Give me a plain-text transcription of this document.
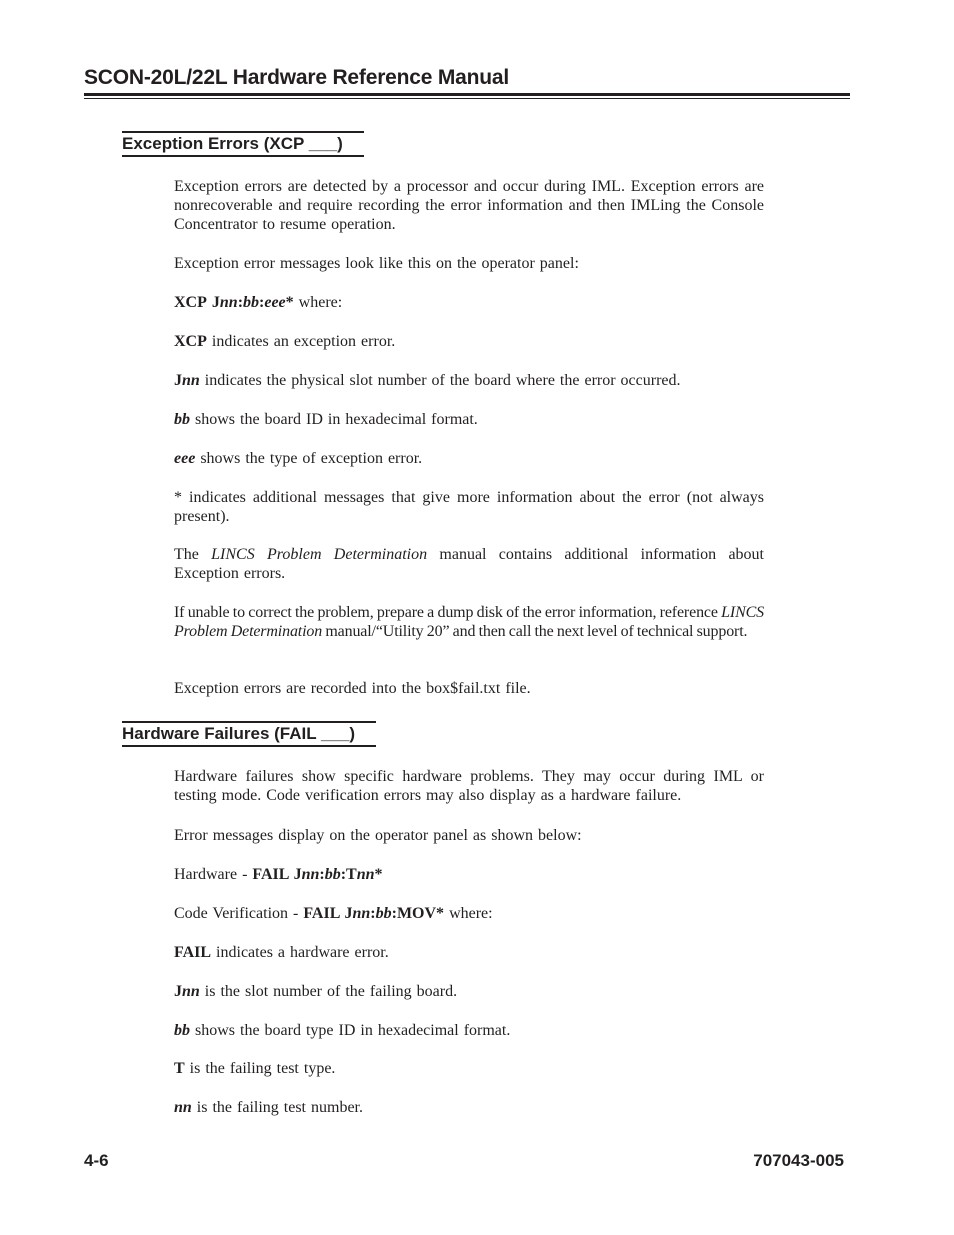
SCON-20L/22L Hardware Reference Manual
Exception Errors (XCP ___)

Exception errors are detected by a processor and occur during IML. Exception errors are nonrecoverable and require recording the error information and then IMLing the Console Concentrator to resume operation.

Exception error messages look like this on the operator panel:

XCP Jnn:bb:eee* where:

XCP indicates an exception error.

Jnn indicates the physical slot number of the board where the error occurred.

bb shows the board ID in hexadecimal format.

eee shows the type of exception error.

* indicates additional messages that give more information about the error (not always present).

The LINCS Problem Determination manual contains additional information about Exception errors.

If unable to correct the problem, prepare a dump disk of the error information, reference LINCS Problem Determination manual/“Utility 20” and then call the next level of technical support.

Exception errors are recorded into the box$fail.txt file.

Hardware Failures (FAIL ___)

Hardware failures show specific hardware problems. They may occur during IML or testing mode. Code verification errors may also display as a hardware failure.

Error messages display on the operator panel as shown below:

Hardware - FAIL Jnn:bb:Tnn*

Code Verification - FAIL Jnn:bb:MOV* where:

FAIL indicates a hardware error.

Jnn is the slot number of the failing board.

bb shows the board type ID in hexadecimal format.

T is the failing test type.

nn is the failing test number.

4-6	707043-005
